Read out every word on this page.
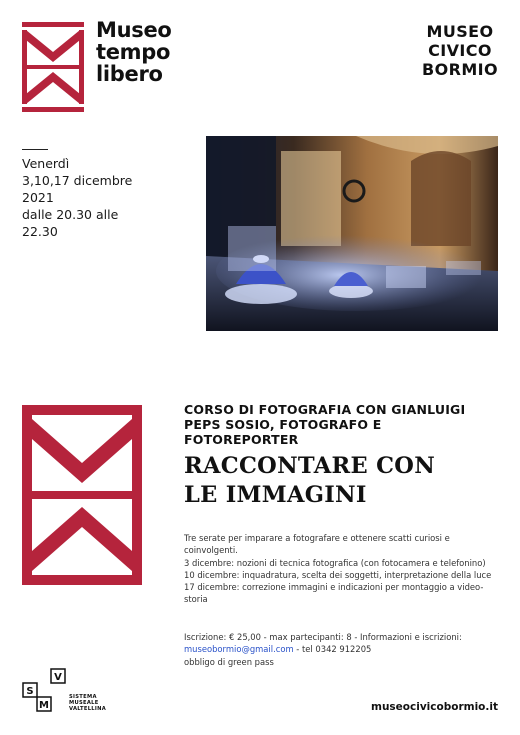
Museo
tempo
libero
MUSEO
CIVICO
BORMIO
Venerdì
3,10,17 dicembre
2021
dalle 20.30 alle
22.30
CORSO DI FOTOGRAFIA CON GIANLUIGI
PEPS SOSIO, FOTOGRAFO E
FOTOREPORTER
RACCONTARE CON
LE IMMAGINI
Tre serate per imparare a fotografare e ottenere scatti curiosi e
coinvolgenti.
3 dicembre: nozioni di tecnica fotografica (con fotocamera e telefonino)
10 dicembre: inquadratura, scelta dei soggetti, interpretazione della luce
17 dicembre: correzione immagini e indicazioni per montaggio a video-
storia
Iscrizione: € 25,00 - max partecipanti: 8 - Informazioni e iscrizioni:
museobormio@gmail.com - tel 0342 912205
obbligo di green pass
S
M
V
SISTEMA
MUSEALE
VALTELLINA	museocivicobormio.it
